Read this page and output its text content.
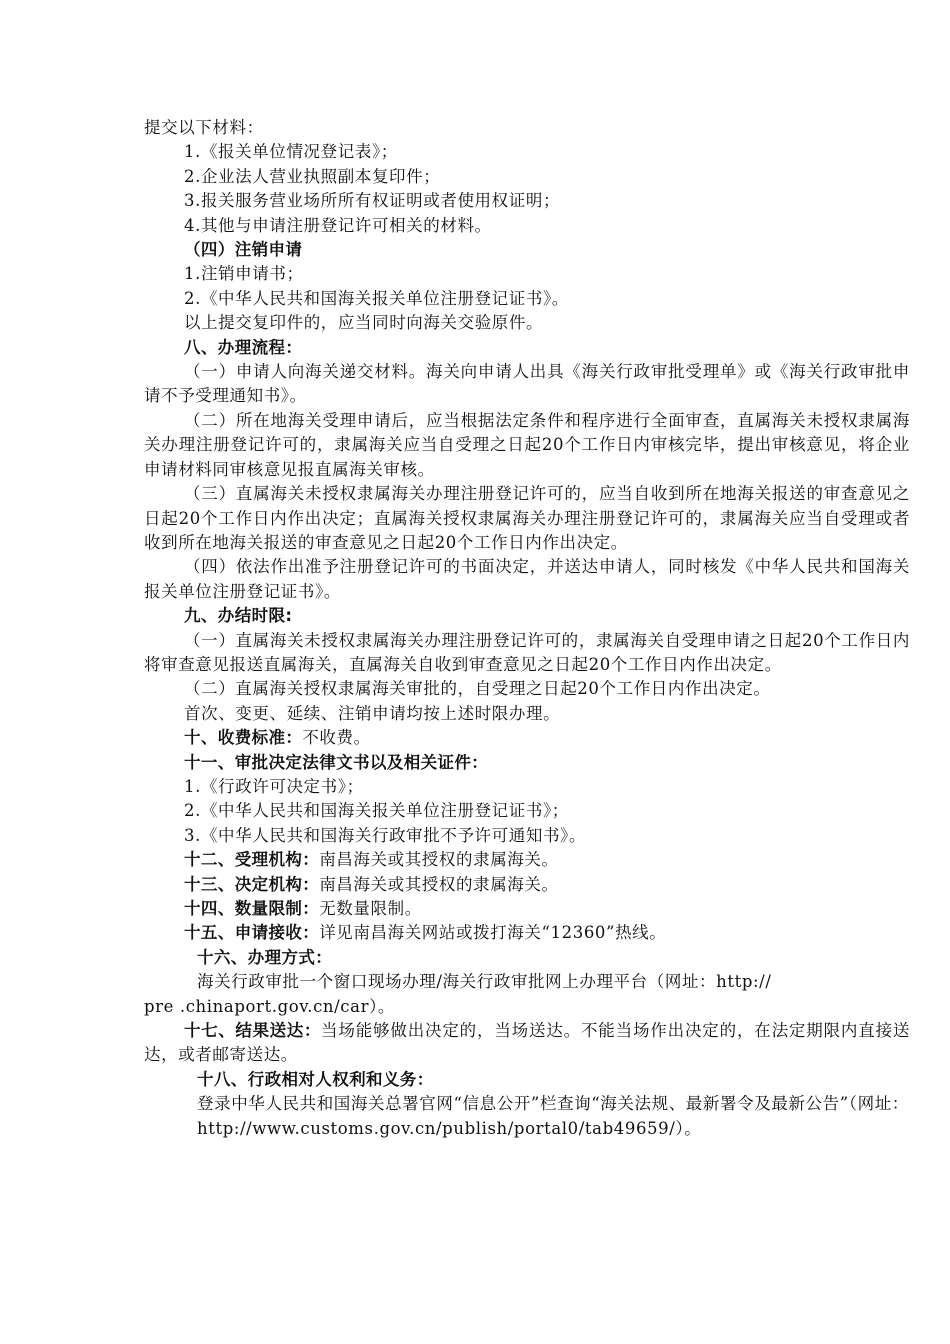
提交以下材料：

1.《报关单位情况登记表》；

2.企业法人营业执照副本复印件；

3.报关服务营业场所所有权证明或者使用权证明；

4.其他与申请注册登记许可相关的材料。

（四）注销申请

1.注销申请书；

2.《中华人民共和国海关报关单位注册登记证书》。

以上提交复印件的，应当同时向海关交验原件。

八、办理流程：

（一）申请人向海关递交材料。海关向申请人出具《海关行政审批受理单》或《海关行政审批申请不予受理通知书》。

（二）所在地海关受理申请后，应当根据法定条件和程序进行全面审查，直属海关未授权隶属海关办理注册登记许可的，隶属海关应当自受理之日起20个工作日内审核完毕，提出审核意见，将企业申请材料同审核意见报直属海关审核。

（三）直属海关未授权隶属海关办理注册登记许可的，应当自收到所在地海关报送的审查意见之日起20个工作日内作出决定；直属海关授权隶属海关办理注册登记许可的，隶属海关应当自受理或者收到所在地海关报送的审查意见之日起20个工作日内作出决定。

（四）依法作出准予注册登记许可的书面决定，并送达申请人，同时核发《中华人民共和国海关报关单位注册登记证书》。

九、办结时限:

（一）直属海关未授权隶属海关办理注册登记许可的，隶属海关自受理申请之日起20个工作日内将审查意见报送直属海关，直属海关自收到审查意见之日起20个工作日内作出决定。

（二）直属海关授权隶属海关审批的，自受理之日起20个工作日内作出决定。

首次、变更、延续、注销申请均按上述时限办理。

十、收费标准：不收费。

十一、审批决定法律文书以及相关证件：

1.《行政许可决定书》；

2.《中华人民共和国海关报关单位注册登记证书》；

3.《中华人民共和国海关行政审批不予许可通知书》。

十二、受理机构：南昌海关或其授权的隶属海关。

十三、决定机构：南昌海关或其授权的隶属海关。

十四、数量限制：无数量限制。

十五、申请接收：详见南昌海关网站或拨打海关“12360”热线。

十六、办理方式：

海关行政审批一个窗口现场办理/海关行政审批网上办理平台（网址：http://

pre .chinaport.gov.cn/car）。

十七、结果送达：当场能够做出决定的，当场送达。不能当场作出决定的，在法定期限内直接送达，或者邮寄送达。

十八、行政相对人权利和义务：

登录中华人民共和国海关总署官网“信息公开”栏查询“海关法规、最新署令及最新公告”（网址：

http://www.customs.gov.cn/publish/portal0/tab49659/）。
